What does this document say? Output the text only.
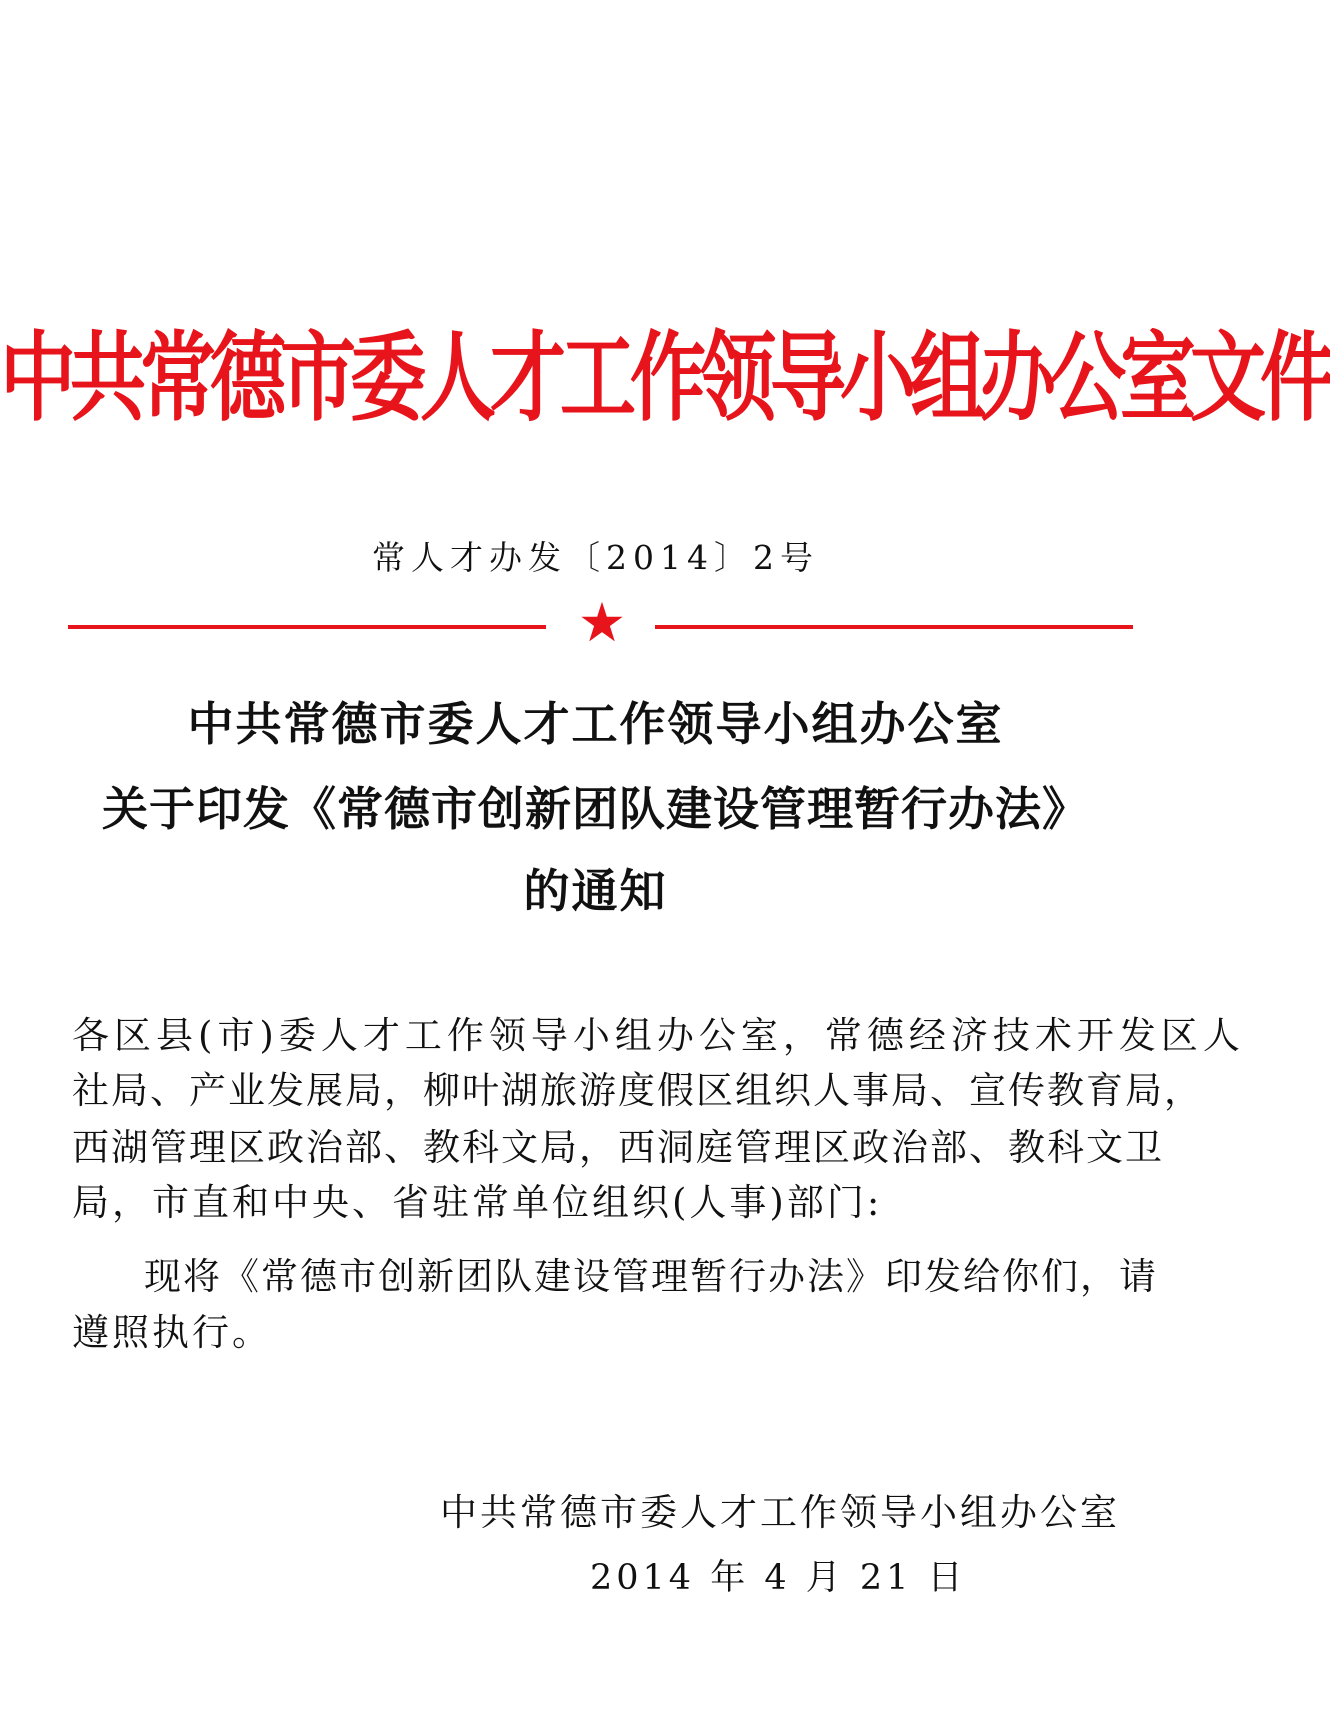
中共常德市委人才工作领导小组办公室文件
常人才办发〔2014〕2号
中共常德市委人才工作领导小组办公室
关于印发《常德市创新团队建设管理暂行办法》
的通知
各区县(市)委人才工作领导小组办公室，常德经济技术开发区人
社局、产业发展局，柳叶湖旅游度假区组织人事局、宣传教育局，
西湖管理区政治部、教科文局，西洞庭管理区政治部、教科文卫
局，市直和中央、省驻常单位组织(人事)部门:
现将《常德市创新团队建设管理暂行办法》印发给你们，请
遵照执行。
中共常德市委人才工作领导小组办公室
2014 年 4 月 21 日
